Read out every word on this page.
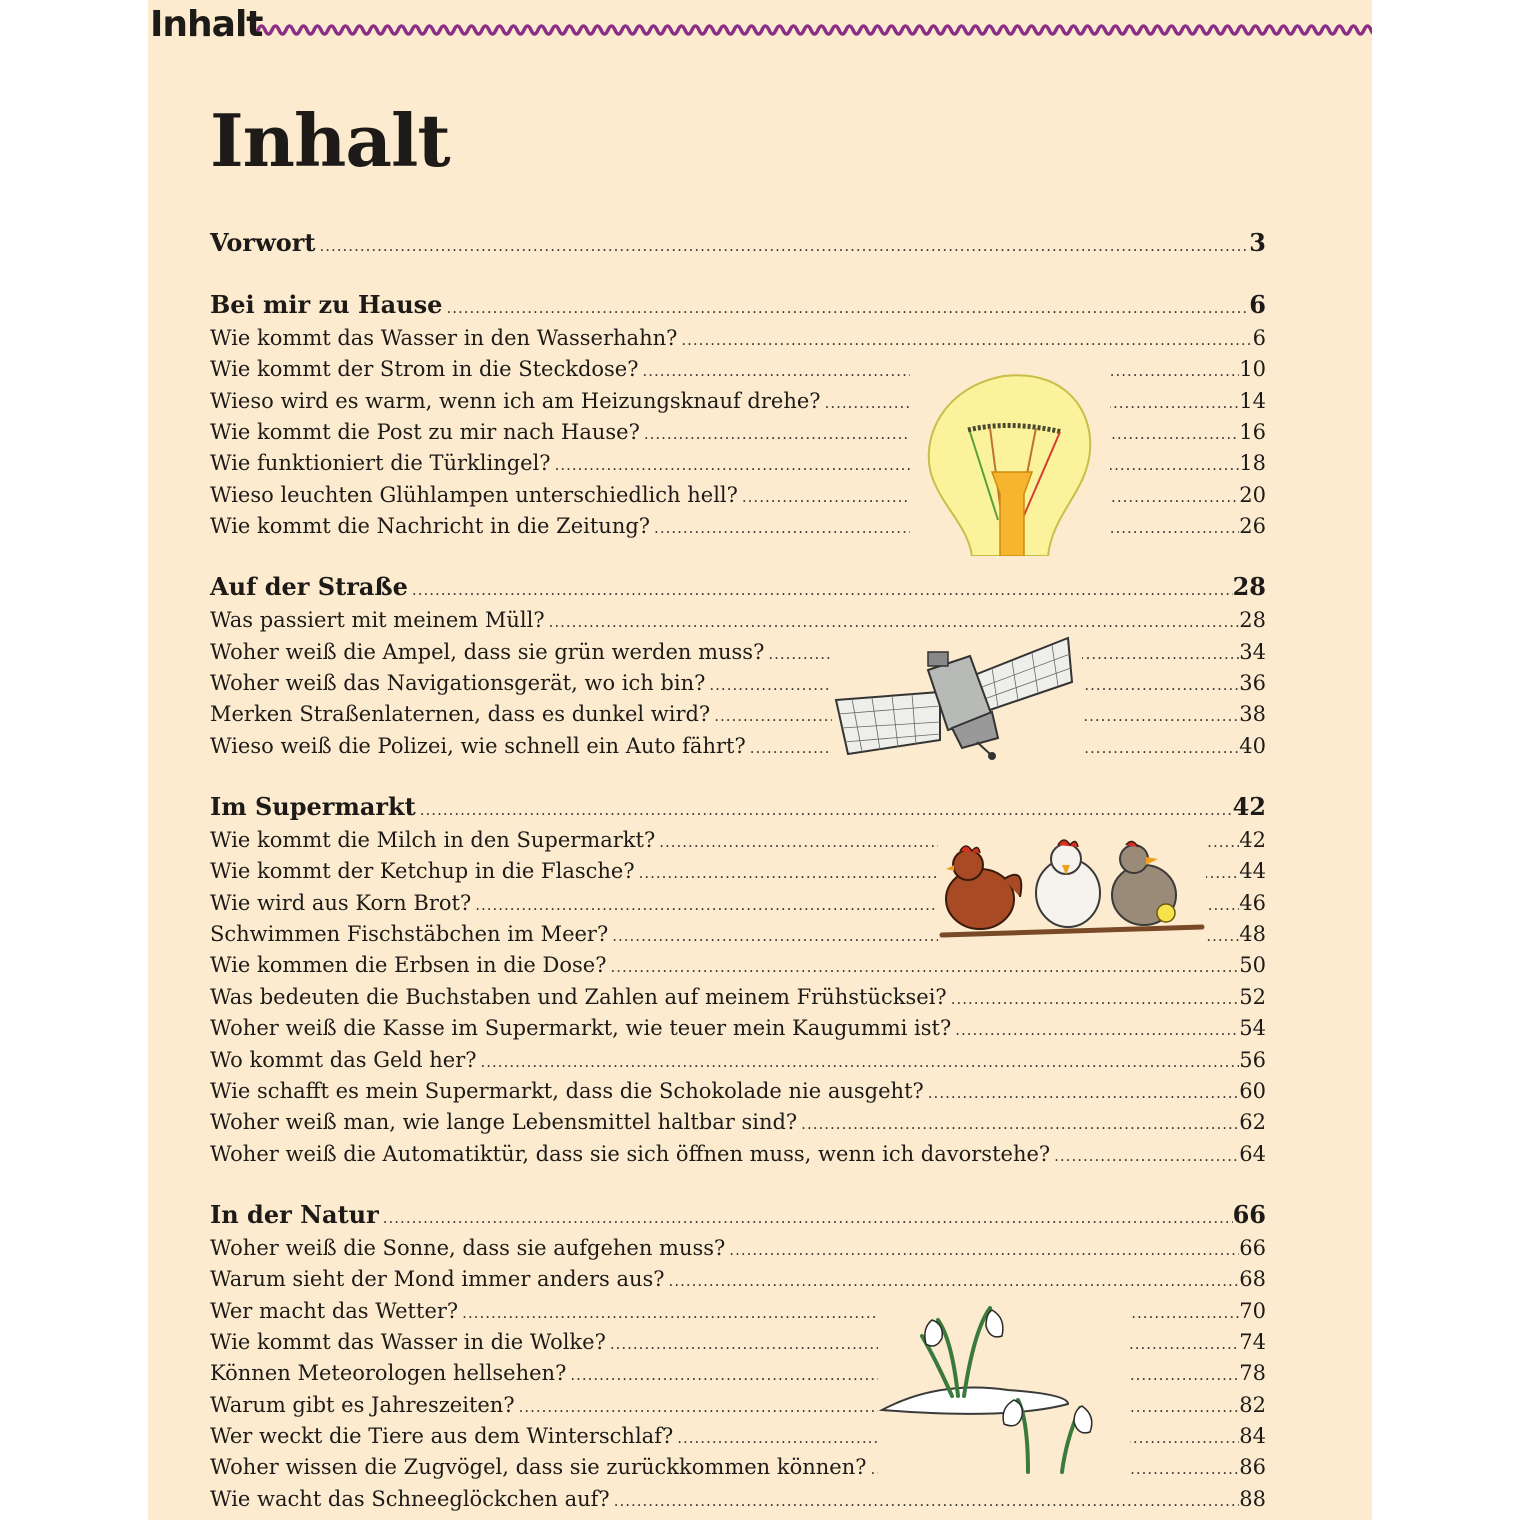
Inhalt
Inhalt
Vorwort .....	3
Bei mir zu Hause .....	6
Wie kommt das Wasser in den Wasserhahn? .....	6
Wie kommt der Strom in die Steckdose? .....	10
Wieso wird es warm, wenn ich am Heizungsknauf drehe? .....	14
Wie kommt die Post zu mir nach Hause? .....	16
Wie funktioniert die Türklingel? .....	18
Wieso leuchten Glühlampen unterschiedlich hell? .....	20
Wie kommt die Nachricht in die Zeitung? .....	26
Auf der Straße .....	28
Was passiert mit meinem Müll? .....	28
Woher weiß die Ampel, dass sie grün werden muss? .....	34
Woher weiß das Navigationsgerät, wo ich bin? .....	36
Merken Straßenlaternen, dass es dunkel wird? .....	38
Wieso weiß die Polizei, wie schnell ein Auto fährt? .....	40
Im Supermarkt .....	42
Wie kommt die Milch in den Supermarkt? .....	42
Wie kommt der Ketchup in die Flasche? .....	44
Wie wird aus Korn Brot? .....	46
Schwimmen Fischstäbchen im Meer? .....	48
Wie kommen die Erbsen in die Dose? .....	50
Was bedeuten die Buchstaben und Zahlen auf meinem Frühstücksei? .....	52
Woher weiß die Kasse im Supermarkt, wie teuer mein Kaugummi ist? .....	54
Wo kommt das Geld her? .....	56
Wie schafft es mein Supermarkt, dass die Schokolade nie ausgeht? .....	60
Woher weiß man, wie lange Lebensmittel haltbar sind? .....	62
Woher weiß die Automatiktür, dass sie sich öffnen muss, wenn ich davorstehe? .....	64
In der Natur .....	66
Woher weiß die Sonne, dass sie aufgehen muss? .....	66
Warum sieht der Mond immer anders aus? .....	68
Wer macht das Wetter? .....	70
Wie kommt das Wasser in die Wolke? .....	74
Können Meteorologen hellsehen? .....	78
Warum gibt es Jahreszeiten? .....	82
Wer weckt die Tiere aus dem Winterschlaf? .....	84
Woher wissen die Zugvögel, dass sie zurückkommen können? .....	86
Wie wacht das Schneeglöckchen auf? .....	88
